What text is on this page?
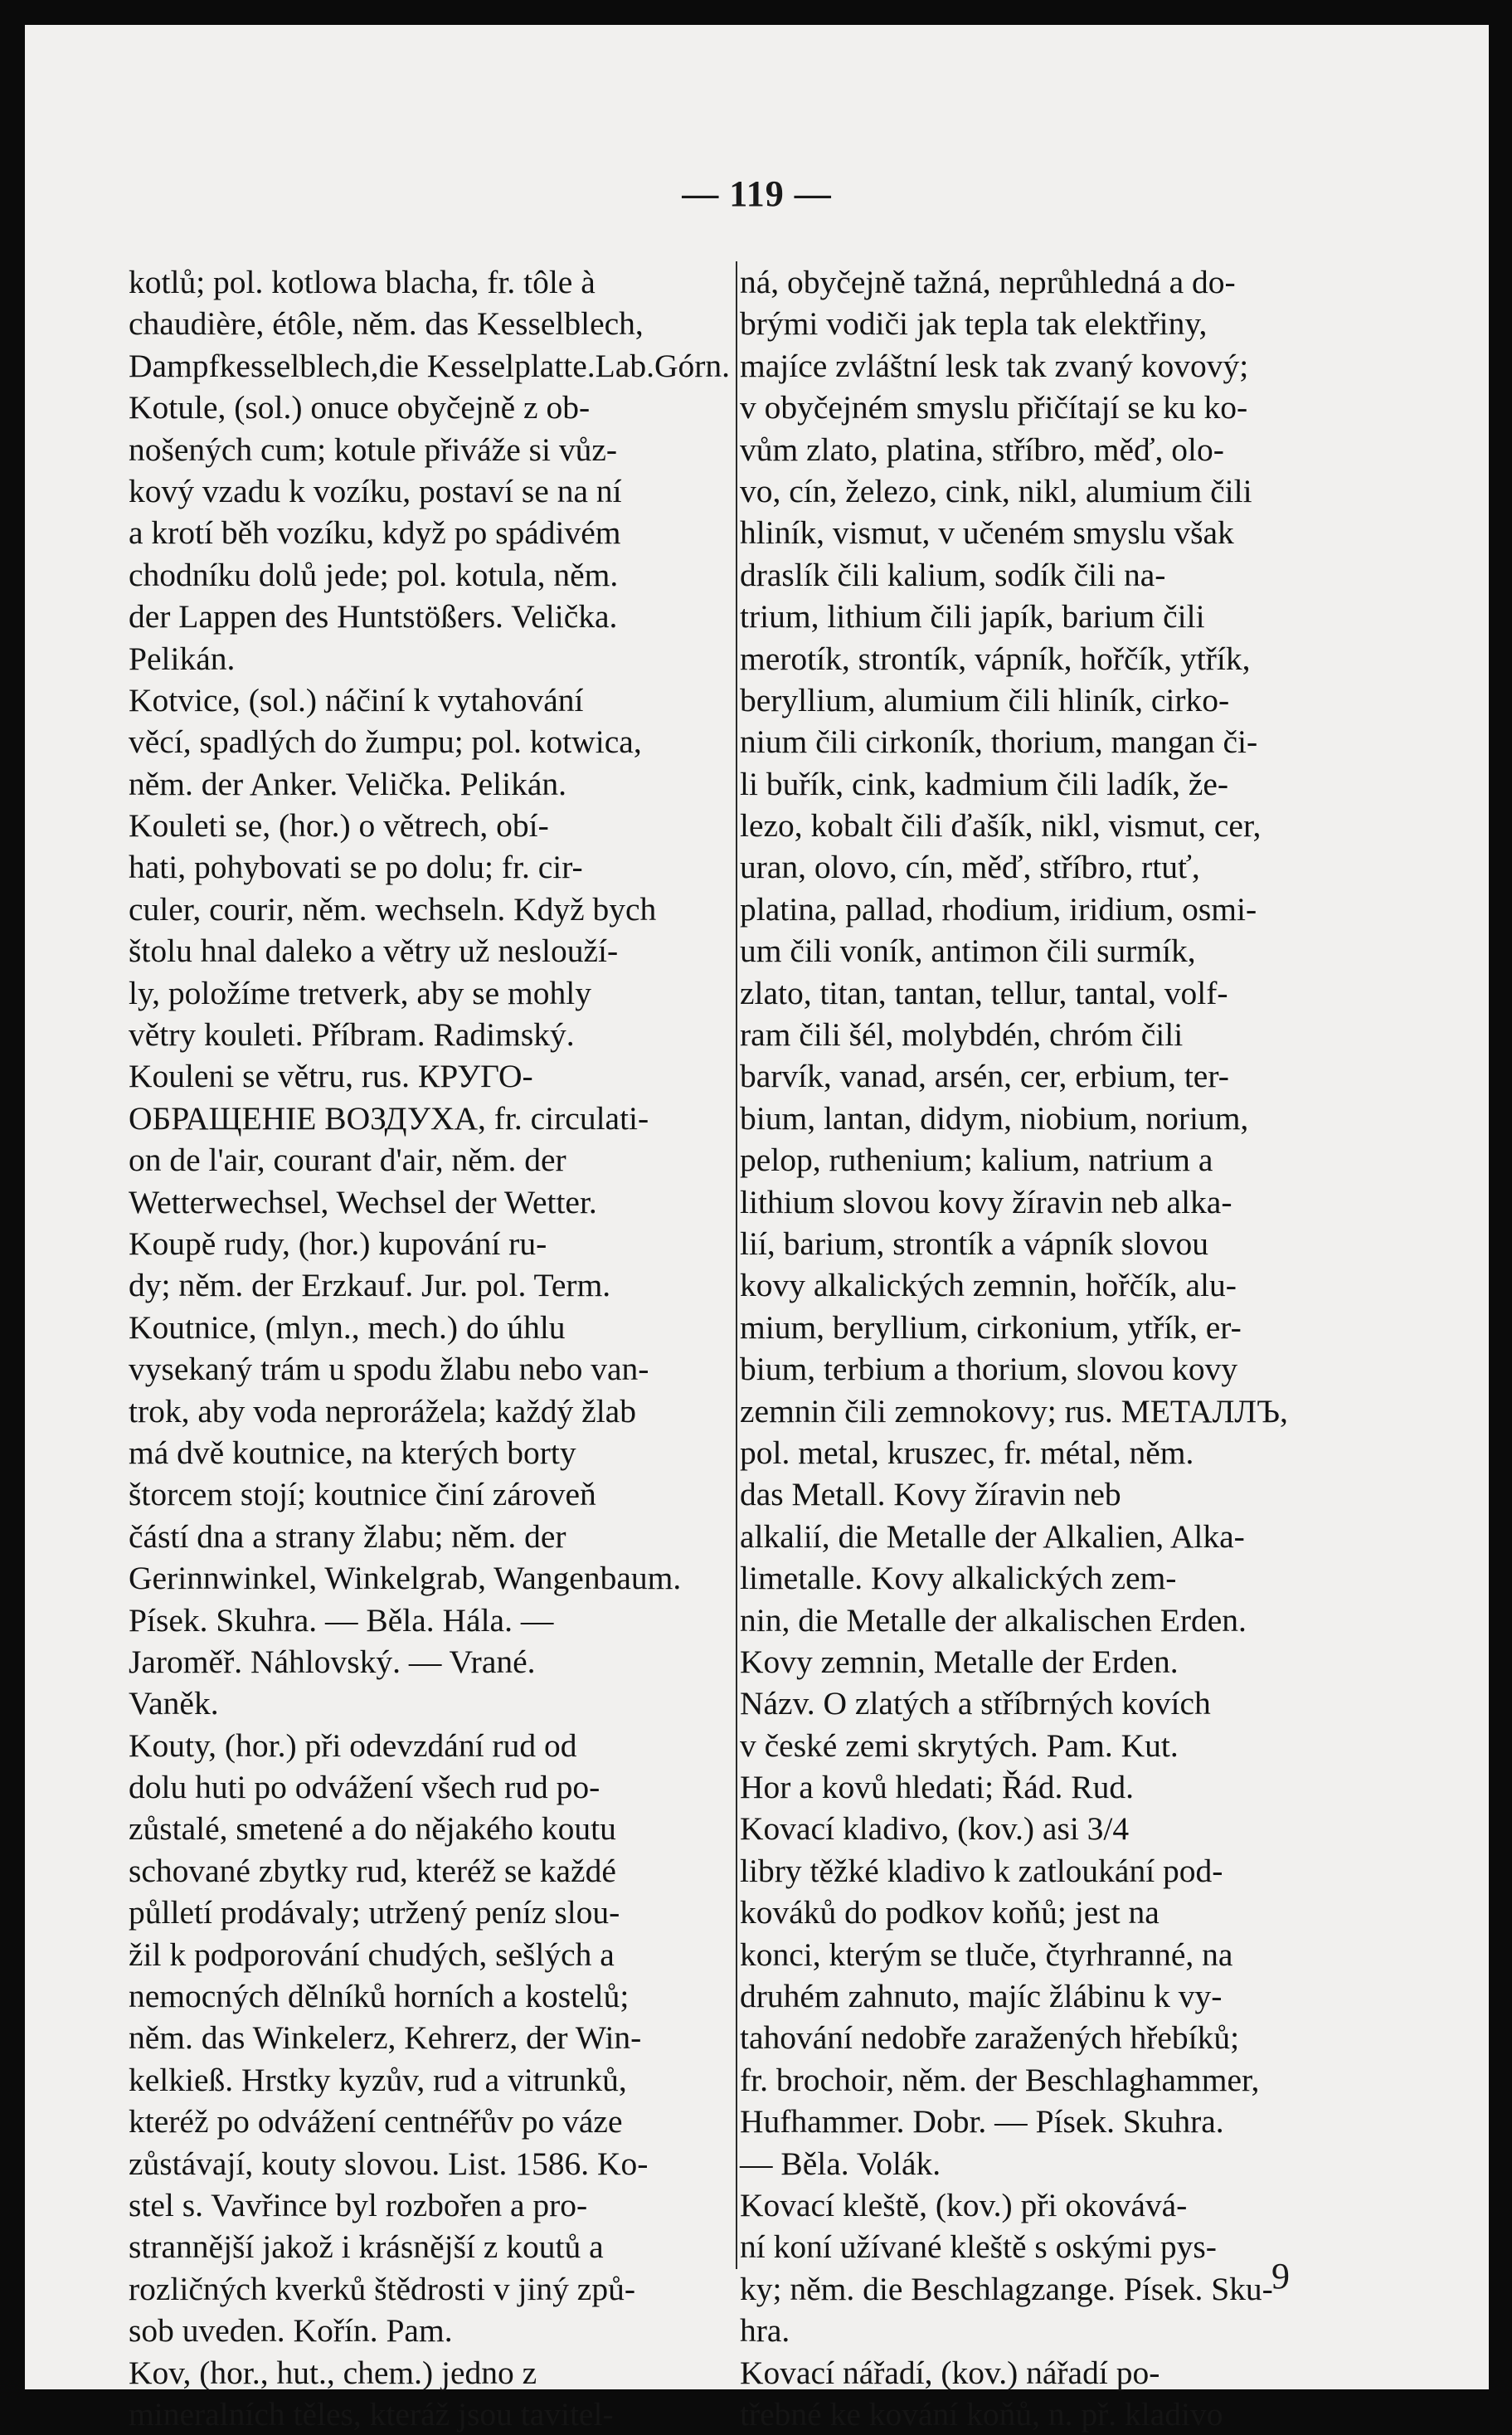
— 119 —
kotlů; pol. kotlowa blacha, fr. tôle à
chaudière, étôle, něm. das Kesselblech,
Dampfkesselblech,die Kesselplatte.Lab.Górn.
Kotule, (sol.) onuce obyčejně z ob-
nošených cum; kotule přiváže si vůz-
kový vzadu k vozíku, postaví se na ní
a krotí běh vozíku, když po spádivém
chodníku dolů jede; pol. kotula, něm.
der Lappen des Huntstößers. Velička.
Pelikán.
Kotvice, (sol.) náčiní k vytahování
věcí, spadlých do žumpu; pol. kotwica,
něm. der Anker. Velička. Pelikán.
Kouleti se, (hor.) o větrech, obí-
hati, pohybovati se po dolu; fr. cir-
culer, courir, něm. wechseln. Když bych
štolu hnal daleko a větry už neslouží-
ly, položíme tretverk, aby se mohly
větry kouleti. Příbram. Radimský.
Kouleni se větru, rus. КРУГО-
ОБРАЩЕНІЕ ВОЗДУХА, fr. circulati-
on de l'air, courant d'air, něm. der
Wetterwechsel, Wechsel der Wetter.
Koupě rudy, (hor.) kupování ru-
dy; něm. der Erzkauf. Jur. pol. Term.
Koutnice, (mlyn., mech.) do úhlu
vysekaný trám u spodu žlabu nebo van-
trok, aby voda neprorážela; každý žlab
má dvě koutnice, na kterých borty
štorcem stojí; koutnice činí zároveň
částí dna a strany žlabu; něm. der
Gerinnwinkel, Winkelgrab, Wangenbaum.
Písek. Skuhra. — Běla. Hála. —
Jaroměř. Náhlovský. — Vrané.
Vaněk.
Kouty, (hor.) při odevzdání rud od
dolu huti po odvážení všech rud po-
zůstalé, smetené a do nějakého koutu
schované zbytky rud, kteréž se každé
půlletí prodávaly; utržený peníz slou-
žil k podporování chudých, sešlých a
nemocných dělníků horních a kostelů;
něm. das Winkelerz, Kehrerz, der Win-
kelkieß. Hrstky kyzův, rud a vitrunků,
kteréž po odvážení centnéřův po váze
zůstávají, kouty slovou. List. 1586. Ko-
stel s. Vavřince byl rozbořen a pro-
strannější jakož i krásnější z koutů a
rozličných kverků štědrosti v jiný způ-
sob uveden. Kořín. Pam.
Kov, (hor., hut., chem.) jedno z
mineralních těles, kteráž jsou tavitel-
ná, obyčejně tažná, neprůhledná a do-
brými vodiči jak tepla tak elektřiny,
majíce zvláštní lesk tak zvaný kovový;
v obyčejném smyslu přičítají se ku ko-
vům zlato, platina, stříbro, měď, olo-
vo, cín, železo, cink, nikl, alumium čili
hliník, vismut, v učeném smyslu však
draslík čili kalium, sodík čili na-
trium, lithium čili japík, barium čili
merotík, strontík, vápník, hořčík, ytřík,
beryllium, alumium čili hliník, cirko-
nium čili cirkoník, thorium, mangan či-
li buřík, cink, kadmium čili ladík, že-
lezo, kobalt čili ďašík, nikl, vismut, cer,
uran, olovo, cín, měď, stříbro, rtuť,
platina, pallad, rhodium, iridium, osmi-
um čili voník, antimon čili surmík,
zlato, titan, tantan, tellur, tantal, volf-
ram čili šél, molybdén, chróm čili
barvík, vanad, arsén, cer, erbium, ter-
bium, lantan, didym, niobium, norium,
pelop, ruthenium; kalium, natrium a
lithium slovou kovy žíravin neb alka-
lií, barium, strontík a vápník slovou
kovy alkalických zemnin, hořčík, alu-
mium, beryllium, cirkonium, ytřík, er-
bium, terbium a thorium, slovou kovy
zemnin čili zemnokovy; rus. МЕТАЛЛЪ,
pol. metal, kruszec, fr. métal, něm.
das Metall. Kovy žíravin neb
alkalií, die Metalle der Alkalien, Alka-
limetalle. Kovy alkalických zem-
nin, die Metalle der alkalischen Erden.
Kovy zemnin, Metalle der Erden.
Názv. O zlatých a stříbrných kovích
v české zemi skrytých. Pam. Kut.
Hor a kovů hledati; Řád. Rud.
Kovací kladivo, (kov.) asi 3/4
libry těžké kladivo k zatloukání pod-
kováků do podkov koňů; jest na
konci, kterým se tluče, čtyrhranné, na
druhém zahnuto, majíc žlábinu k vy-
tahování nedobře zaražených hřebíků;
fr. brochoir, něm. der Beschlaghammer,
Hufhammer. Dobr. — Písek. Skuhra.
— Běla. Volák.
Kovací kleště, (kov.) při okovává-
ní koní užívané kleště s oskými pys-
ky; něm. die Beschlagzange. Písek. Sku-
hra.
Kovací nářadí, (kov.) nářadí po-
třebné ke kování koňů, n. př. kladivo
9
